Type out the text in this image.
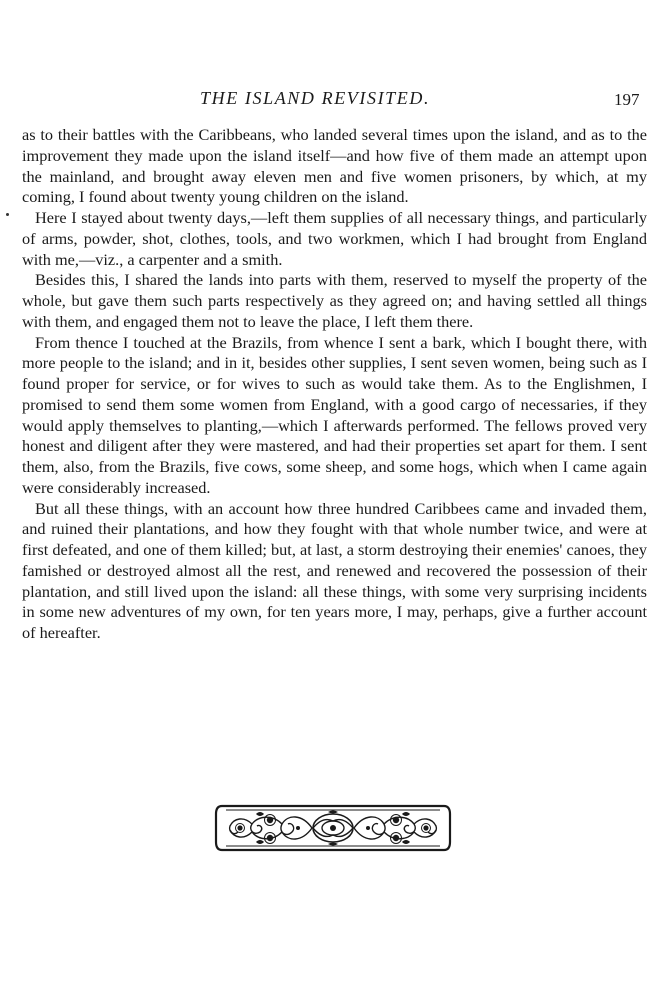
THE ISLAND REVISITED.	197

as to their battles with the Caribbeans, who landed several times upon the island, and as to the improvement they made upon the island itself—and how five of them made an attempt upon the mainland, and brought away eleven men and five women prisoners, by which, at my coming, I found about twenty young children on the island.

Here I stayed about twenty days,—left them supplies of all necessary things, and particularly of arms, powder, shot, clothes, tools, and two workmen, which I had brought from England with me,—viz., a carpenter and a smith.

Besides this, I shared the lands into parts with them, reserved to myself the property of the whole, but gave them such parts respectively as they agreed on; and having settled all things with them, and engaged them not to leave the place, I left them there.

From thence I touched at the Brazils, from whence I sent a bark, which I bought there, with more people to the island; and in it, besides other supplies, I sent seven women, being such as I found proper for service, or for wives to such as would take them. As to the Englishmen, I promised to send them some women from England, with a good cargo of necessaries, if they would apply themselves to planting,—which I afterwards performed. The fellows proved very honest and diligent after they were mastered, and had their properties set apart for them. I sent them, also, from the Brazils, five cows, some sheep, and some hogs, which when I came again were considerably increased.

But all these things, with an account how three hundred Caribbees came and invaded them, and ruined their plantations, and how they fought with that whole number twice, and were at first defeated, and one of them killed; but, at last, a storm destroying their enemies' canoes, they famished or destroyed almost all the rest, and renewed and recovered the possession of their plantation, and still lived upon the island: all these things, with some very surprising incidents in some new adventures of my own, for ten years more, I may, perhaps, give a further account of hereafter.
